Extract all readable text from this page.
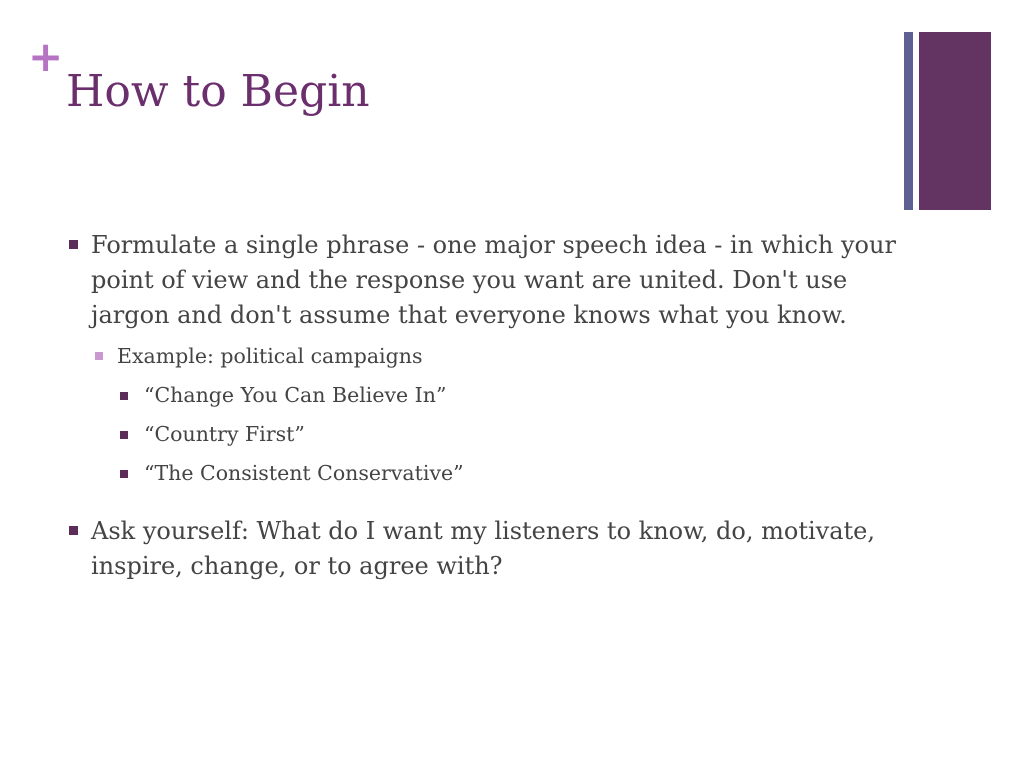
+
How to Begin
Formulate a single phrase - one major speech idea - in which your point of view and the response you want are united. Don't use jargon and don't assume that everyone knows what you know.
Example: political campaigns
“Change You Can Believe In”
“Country First”
“The Consistent Conservative”
Ask yourself: What do I want my listeners to know, do, motivate, inspire, change, or to agree with?
